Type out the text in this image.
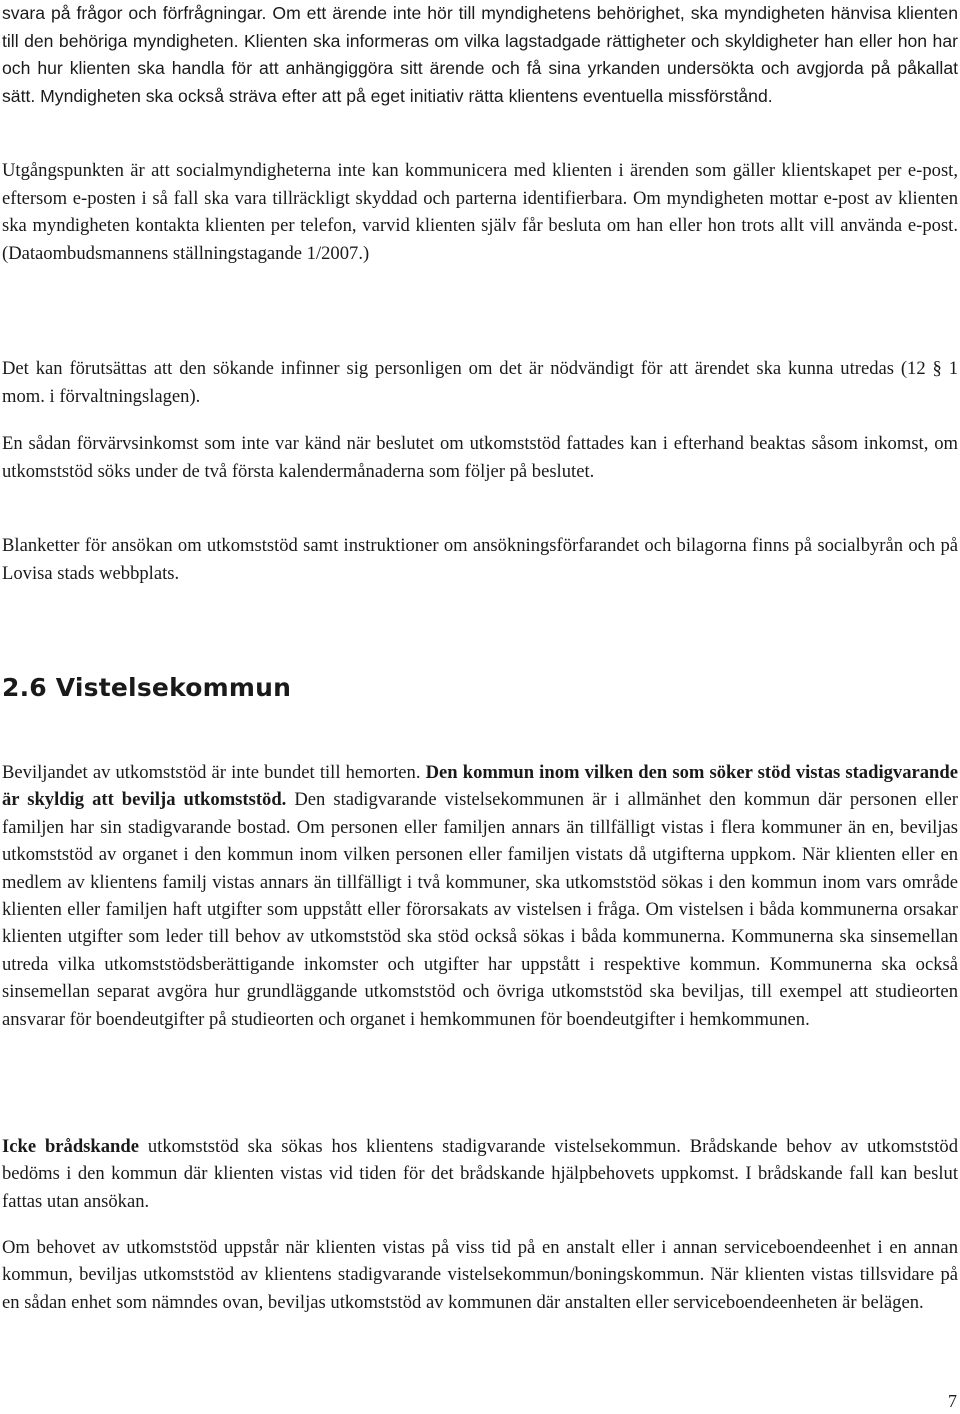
svara på frågor och förfrågningar. Om ett ärende inte hör till myndighetens behörighet, ska myndigheten hänvisa klienten till den behöriga myndigheten. Klienten ska informeras om vilka lagstadgade rättigheter och skyldigheter han eller hon har och hur klienten ska handla för att anhängiggöra sitt ärende och få sina yrkanden undersökta och avgjorda på påkallat sätt. Myndigheten ska också sträva efter att på eget initiativ rätta klientens eventuella missförstånd.

Utgångspunkten är att socialmyndigheterna inte kan kommunicera med klienten i ärenden som gäller klientskapet per e-post, eftersom e-posten i så fall ska vara tillräckligt skyddad och parterna identifierbara. Om myndigheten mottar e-post av klienten ska myndigheten kontakta klienten per telefon, varvid klienten själv får besluta om han eller hon trots allt vill använda e-post. (Dataombudsmannens ställningstagande 1/2007.)

Det kan förutsättas att den sökande infinner sig personligen om det är nödvändigt för att ärendet ska kunna utredas (12 § 1 mom. i förvaltningslagen).

En sådan förvärvsinkomst som inte var känd när beslutet om utkomststöd fattades kan i efterhand beaktas såsom inkomst, om utkomststöd söks under de två första kalendermånaderna som följer på beslutet.

Blanketter för ansökan om utkomststöd samt instruktioner om ansökningsförfarandet och bilagorna finns på socialbyrån och på Lovisa stads webbplats.

2.6 Vistelsekommun

Beviljandet av utkomststöd är inte bundet till hemorten. Den kommun inom vilken den som söker stöd vistas stadigvarande är skyldig att bevilja utkomststöd. Den stadigvarande vistelsekommunen är i allmänhet den kommun där personen eller familjen har sin stadigvarande bostad. Om personen eller familjen annars än tillfälligt vistas i flera kommuner än en, beviljas utkomststöd av organet i den kommun inom vilken personen eller familjen vistats då utgifterna uppkom. När klienten eller en medlem av klientens familj vistas annars än tillfälligt i två kommuner, ska utkomststöd sökas i den kommun inom vars område klienten eller familjen haft utgifter som uppstått eller förorsakats av vistelsen i fråga. Om vistelsen i båda kommunerna orsakar klienten utgifter som leder till behov av utkomststöd ska stöd också sökas i båda kommunerna. Kommunerna ska sinsemellan utreda vilka utkomststödsberättigande inkomster och utgifter har uppstått i respektive kommun. Kommunerna ska också sinsemellan separat avgöra hur grundläggande utkomststöd och övriga utkomststöd ska beviljas, till exempel att studieorten ansvarar för boendeutgifter på studieorten och organet i hemkommunen för boendeutgifter i hemkommunen.

Icke brådskande utkomststöd ska sökas hos klientens stadigvarande vistelsekommun. Brådskande behov av utkomststöd bedöms i den kommun där klienten vistas vid tiden för det brådskande hjälpbehovets uppkomst. I brådskande fall kan beslut fattas utan ansökan.

Om behovet av utkomststöd uppstår när klienten vistas på viss tid på en anstalt eller i annan serviceboendeenhet i en annan kommun, beviljas utkomststöd av klientens stadigvarande vistelsekommun/boningskommun. När klienten vistas tillsvidare på en sådan enhet som nämndes ovan, beviljas utkomststöd av kommunen där anstalten eller serviceboendeenheten är belägen.

7
